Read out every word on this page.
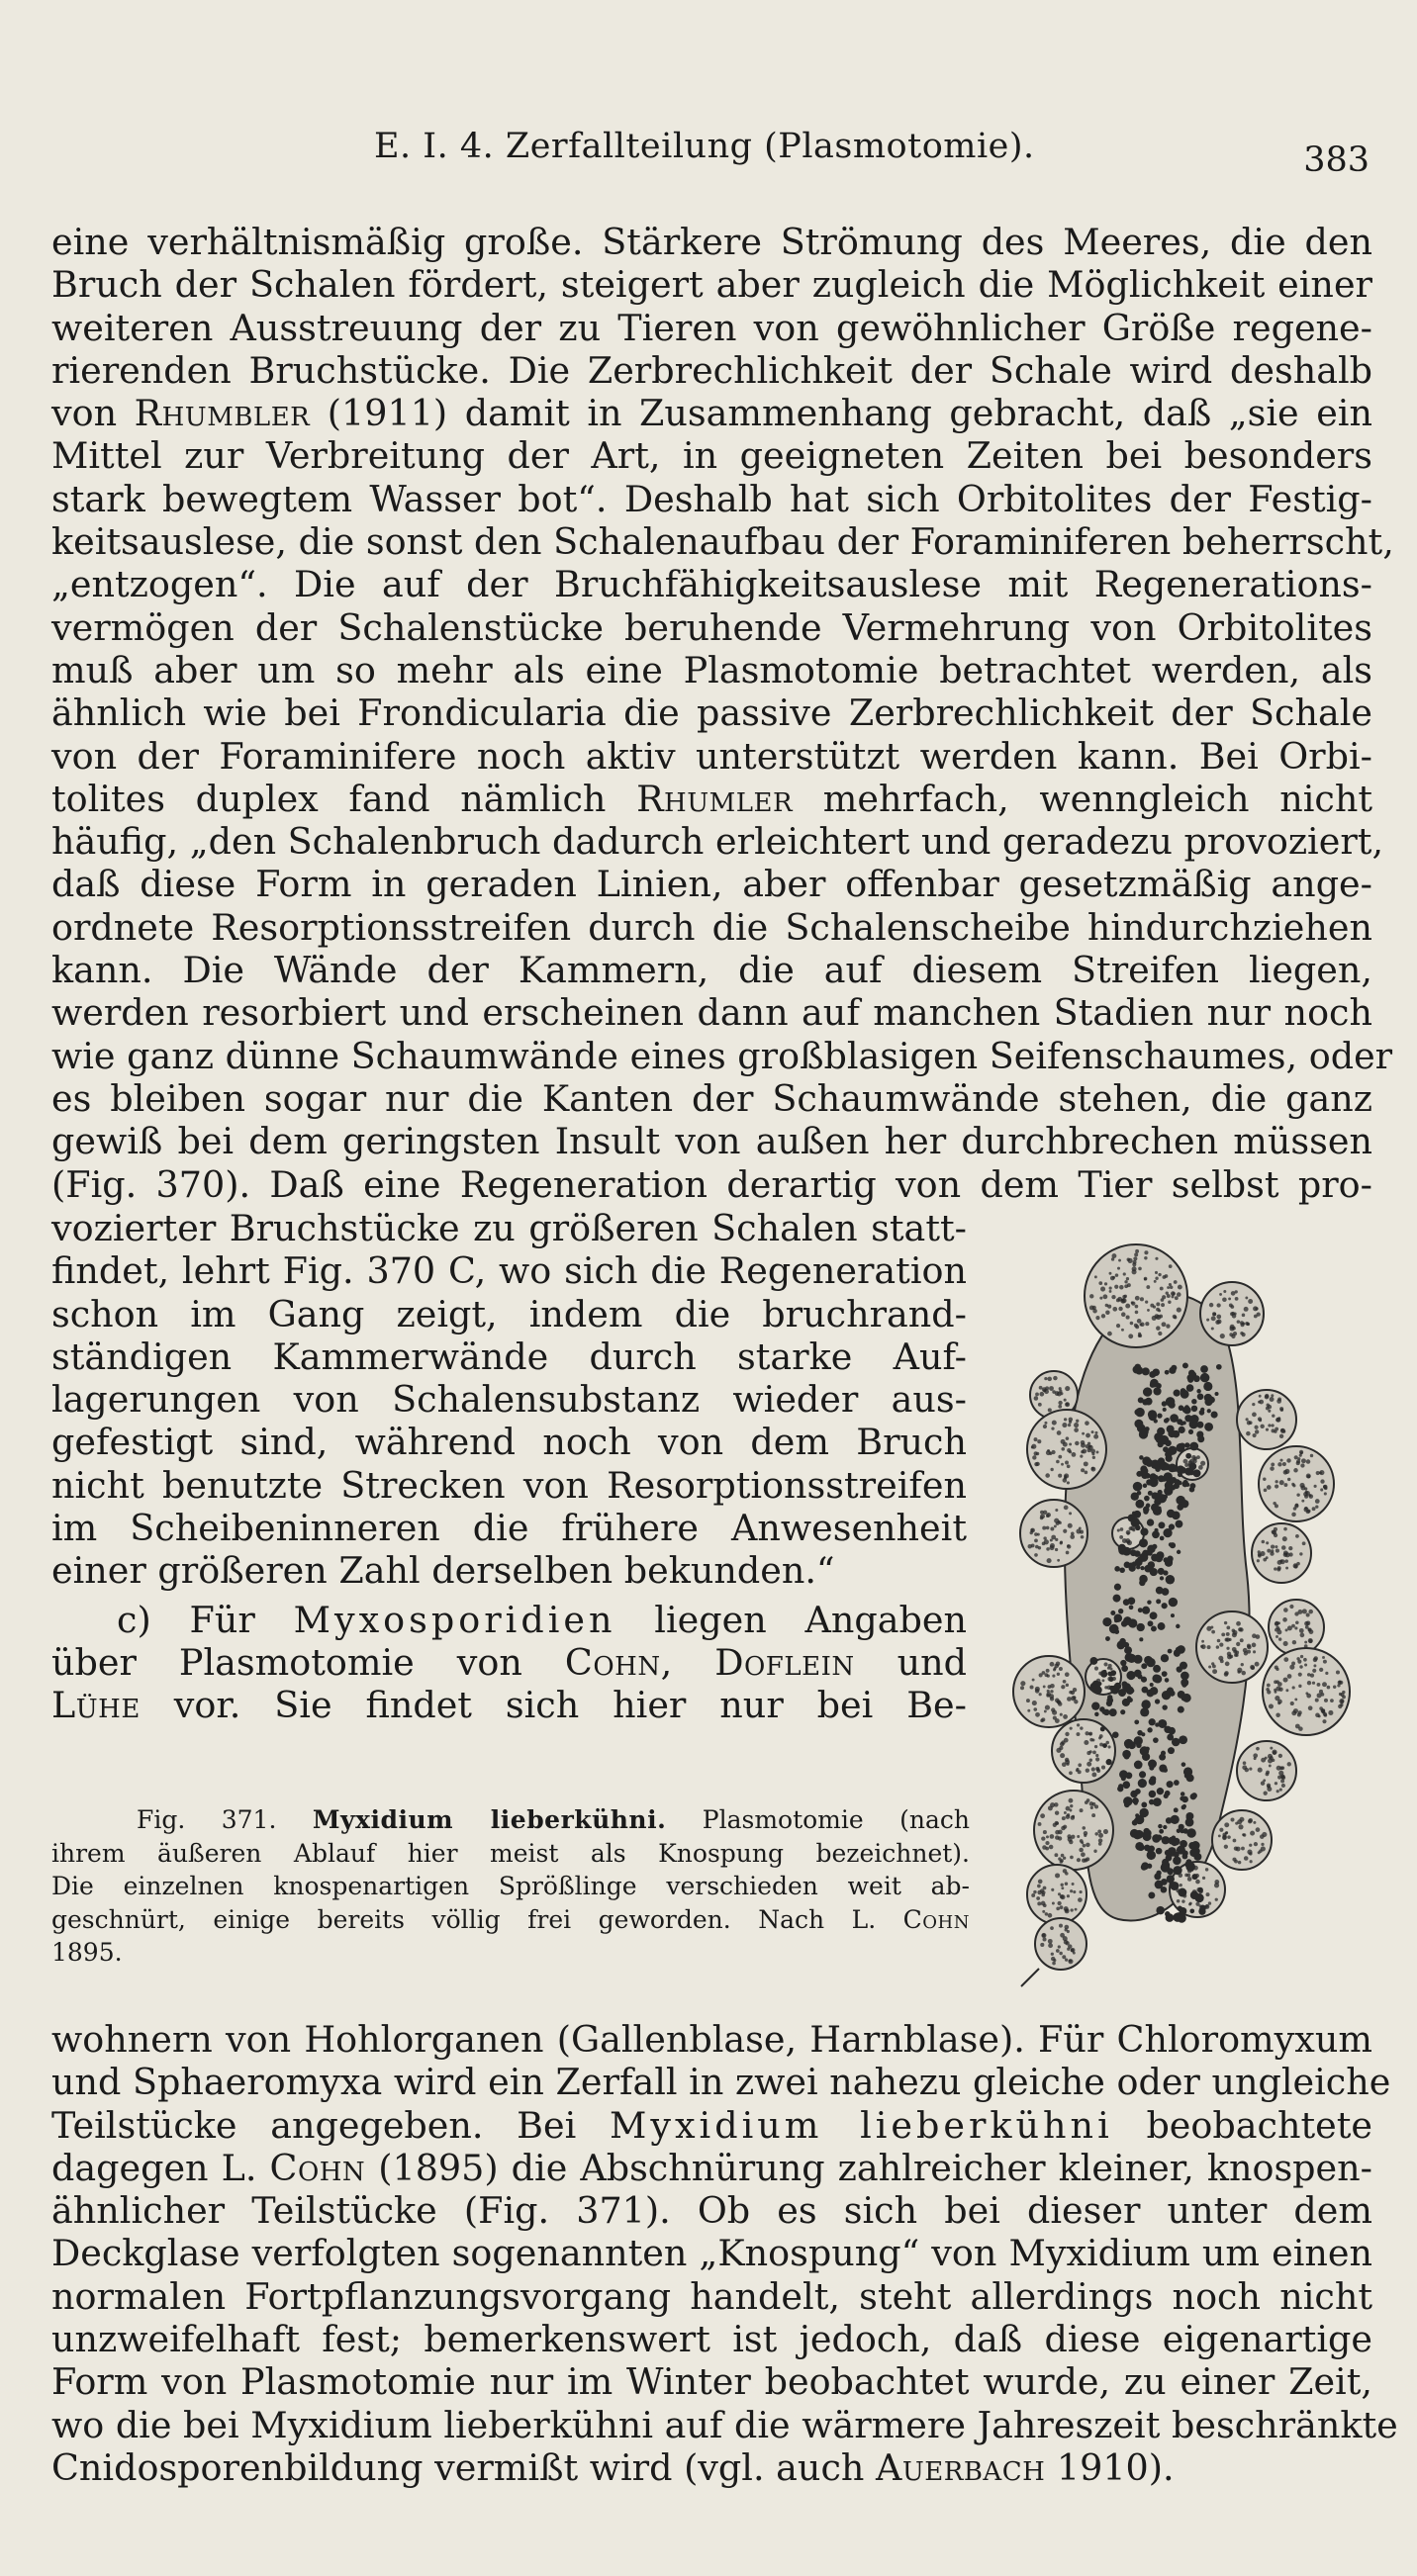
E. I. 4. Zerfallteilung (Plasmotomie).	383
eine verhältnismäßig große. Stärkere Strömung des Meeres, die den
Bruch der Schalen fördert, steigert aber zugleich die Möglichkeit einer
weiteren Ausstreuung der zu Tieren von gewöhnlicher Größe regene-
rierenden Bruchstücke. Die Zerbrechlichkeit der Schale wird deshalb
von Rhumbler (1911) damit in Zusammenhang gebracht, daß „sie ein
Mittel zur Verbreitung der Art, in geeigneten Zeiten bei besonders
stark bewegtem Wasser bot“. Deshalb hat sich Orbitolites der Festig-
keitsauslese, die sonst den Schalenaufbau der Foraminiferen beherrscht,
„entzogen“. Die auf der Bruchfähigkeitsauslese mit Regenerations-
vermögen der Schalenstücke beruhende Vermehrung von Orbitolites
muß aber um so mehr als eine Plasmotomie betrachtet werden, als
ähnlich wie bei Frondicularia die passive Zerbrechlichkeit der Schale
von der Foraminifere noch aktiv unterstützt werden kann. Bei Orbi-
tolites duplex fand nämlich Rhumler mehrfach, wenngleich nicht
häufig, „den Schalenbruch dadurch erleichtert und geradezu provoziert,
daß diese Form in geraden Linien, aber offenbar gesetzmäßig ange-
ordnete Resorptionsstreifen durch die Schalenscheibe hindurchziehen
kann. Die Wände der Kammern, die auf diesem Streifen liegen,
werden resorbiert und erscheinen dann auf manchen Stadien nur noch
wie ganz dünne Schaumwände eines großblasigen Seifenschaumes, oder
es bleiben sogar nur die Kanten der Schaumwände stehen, die ganz
gewiß bei dem geringsten Insult von außen her durchbrechen müssen
(Fig. 370). Daß eine Regeneration derartig von dem Tier selbst pro-
vozierter Bruchstücke zu größeren Schalen statt-
findet, lehrt Fig. 370 C, wo sich die Regeneration
schon im Gang zeigt, indem die bruchrand-
ständigen Kammerwände durch starke Auf-
lagerungen von Schalensubstanz wieder aus-
gefestigt sind, während noch von dem Bruch
nicht benutzte Strecken von Resorptionsstreifen
im Scheibeninneren die frühere Anwesenheit
einer größeren Zahl derselben bekunden.“
c) Für Myxosporidien liegen Angaben
über Plasmotomie von Cohn, Doflein und
Lühe vor. Sie findet sich hier nur bei Be-
Fig. 371. Myxidium lieberkühni. Plasmotomie (nach
ihrem äußeren Ablauf hier meist als Knospung bezeichnet).
Die einzelnen knospenartigen Sprößlinge verschieden weit ab-
geschnürt, einige bereits völlig frei geworden. Nach L. Cohn
1895.
wohnern von Hohlorganen (Gallenblase, Harnblase). Für Chloromyxum
und Sphaeromyxa wird ein Zerfall in zwei nahezu gleiche oder ungleiche
Teilstücke angegeben. Bei Myxidium lieberkühni beobachtete
dagegen L. Cohn (1895) die Abschnürung zahlreicher kleiner, knospen-
ähnlicher Teilstücke (Fig. 371). Ob es sich bei dieser unter dem
Deckglase verfolgten sogenannten „Knospung“ von Myxidium um einen
normalen Fortpflanzungsvorgang handelt, steht allerdings noch nicht
unzweifelhaft fest; bemerkenswert ist jedoch, daß diese eigenartige
Form von Plasmotomie nur im Winter beobachtet wurde, zu einer Zeit,
wo die bei Myxidium lieberkühni auf die wärmere Jahreszeit beschränkte
Cnidosporenbildung vermißt wird (vgl. auch Auerbach 1910).
